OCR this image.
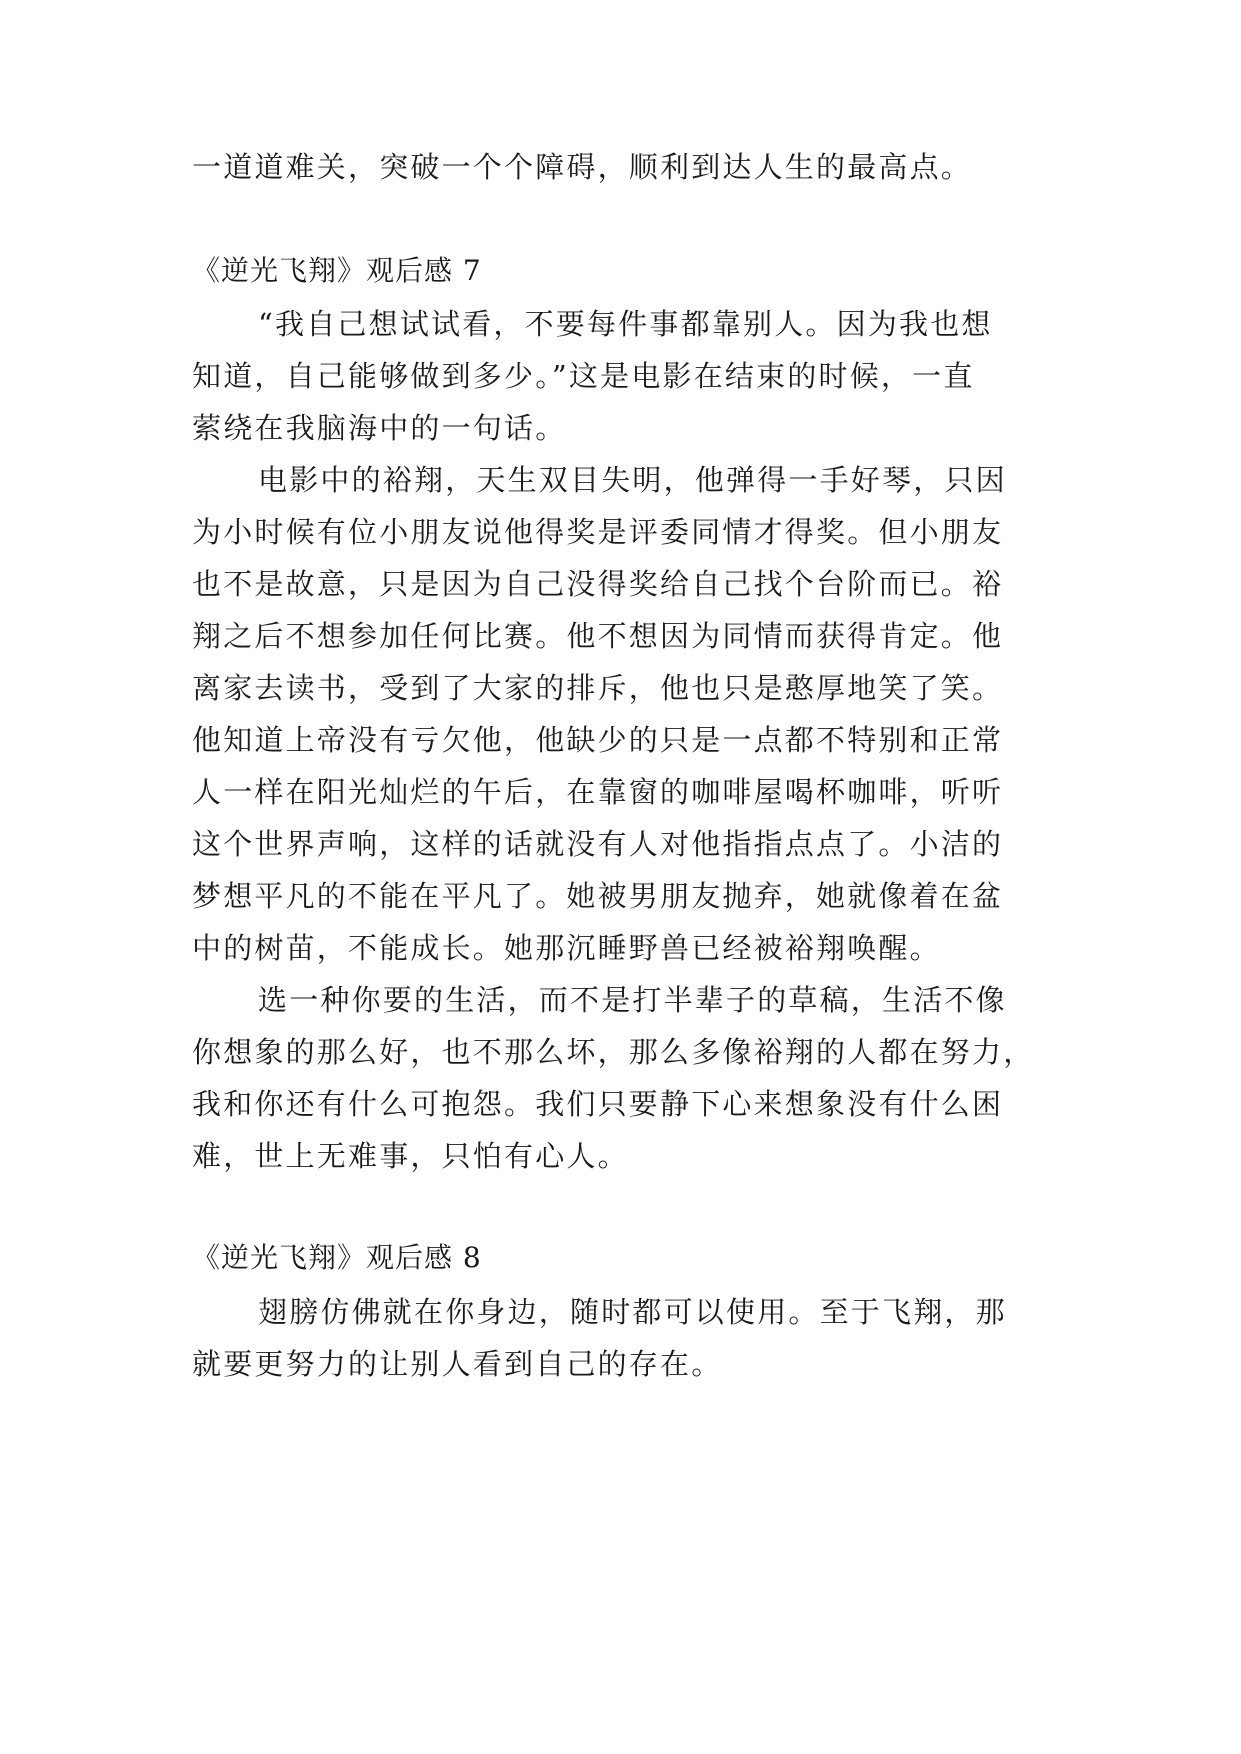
一道道难关，突破一个个障碍，顺利到达人生的最高点。
《逆光飞翔》观后感 7
“我自己想试试看，不要每件事都靠别人。因为我也想
知道，自己能够做到多少。”这是电影在结束的时候，一直
萦绕在我脑海中的一句话。
电影中的裕翔，天生双目失明，他弹得一手好琴，只因
为小时候有位小朋友说他得奖是评委同情才得奖。但小朋友
也不是故意，只是因为自己没得奖给自己找个台阶而已。裕
翔之后不想参加任何比赛。他不想因为同情而获得肯定。他
离家去读书，受到了大家的排斥，他也只是憨厚地笑了笑。
他知道上帝没有亏欠他，他缺少的只是一点都不特别和正常
人一样在阳光灿烂的午后，在靠窗的咖啡屋喝杯咖啡，听听
这个世界声响，这样的话就没有人对他指指点点了。小洁的
梦想平凡的不能在平凡了。她被男朋友抛弃，她就像着在盆
中的树苗，不能成长。她那沉睡野兽已经被裕翔唤醒。
选一种你要的生活，而不是打半辈子的草稿，生活不像
你想象的那么好，也不那么坏，那么多像裕翔的人都在努力，
我和你还有什么可抱怨。我们只要静下心来想象没有什么困
难，世上无难事，只怕有心人。
《逆光飞翔》观后感 8
翅膀仿佛就在你身边，随时都可以使用。至于飞翔，那
就要更努力的让别人看到自己的存在。
